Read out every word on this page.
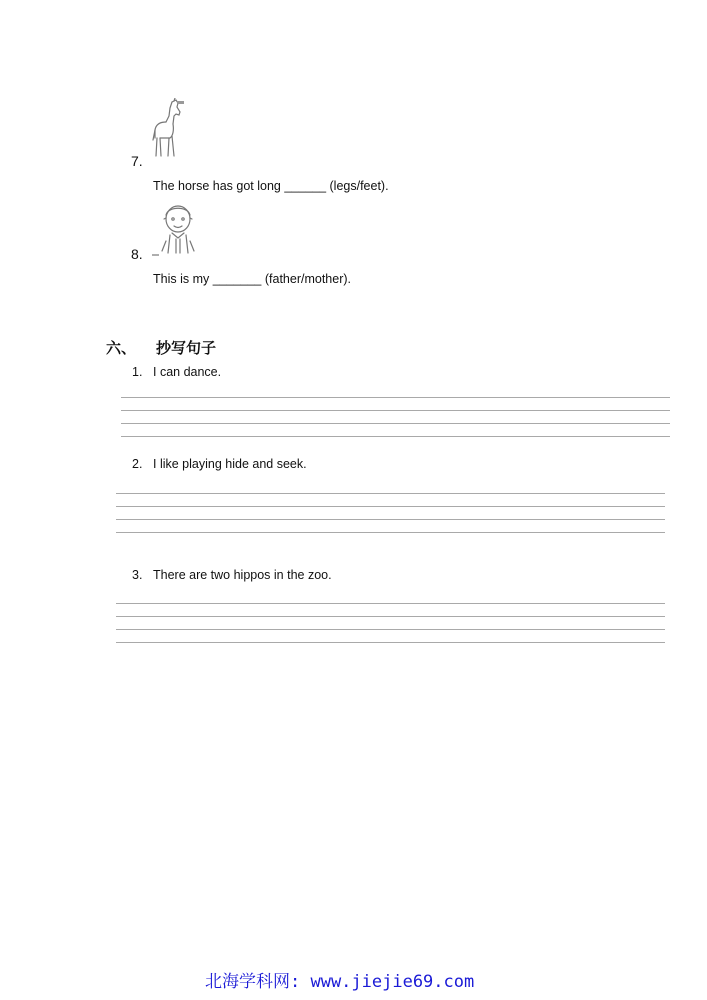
7.
The horse has got long ______ (legs/feet).
8.
This is my _______ (father/mother).
六、 抄写句子
1. I can dance.
2. I like playing hide and seek.
3. There are two hippos in the zoo.
北海学科网: www.jiejie69.com
